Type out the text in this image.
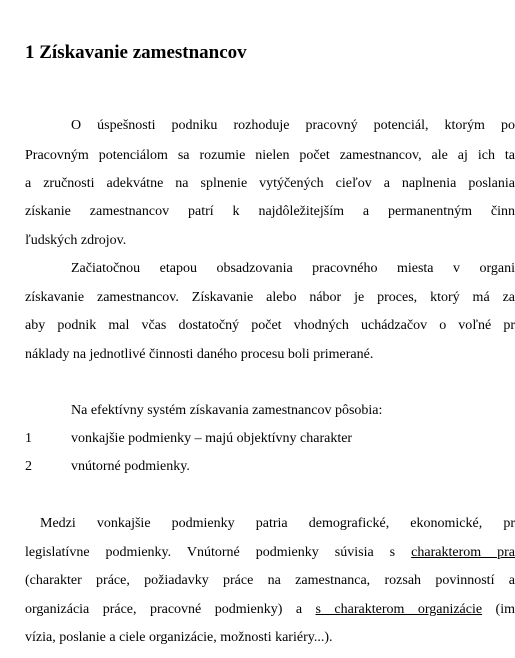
1 Získavanie zamestnancov
O úspešnosti podniku rozhoduje pracovný potenciál, ktorým po
Pracovným potenciálom sa rozumie nielen počet zamestnancov, ale aj ich ta
a zručnosti adekvátne na splnenie vytýčených cieľov a naplnenia poslania
získanie zamestnancov patrí k najdôležitejším a permanentným činn
ľudských zdrojov.
Začiatočnou etapou obsadzovania pracovného miesta v organi
získavanie zamestnancov. Získavanie alebo nábor je proces, ktorý má za
aby podnik mal včas dostatočný počet vhodných uchádzačov o voľné pr
náklady na jednotlivé činnosti daného procesu boli primerané.
Na efektívny systém získavania zamestnancov pôsobia:
1	vonkajšie podmienky – majú objektívny charakter
2	vnútorné podmienky.
Medzi vonkajšie podmienky patria demografické, ekonomické, pr
legislatívne podmienky. Vnútorné podmienky súvisia s charakterom pra
(charakter práce, požiadavky práce na zamestnanca, rozsah povinností a
organizácia práce, pracovné podmienky) a s charakterom organizácie (im
vízia, poslanie a ciele organizácie, možnosti kariéry...).
